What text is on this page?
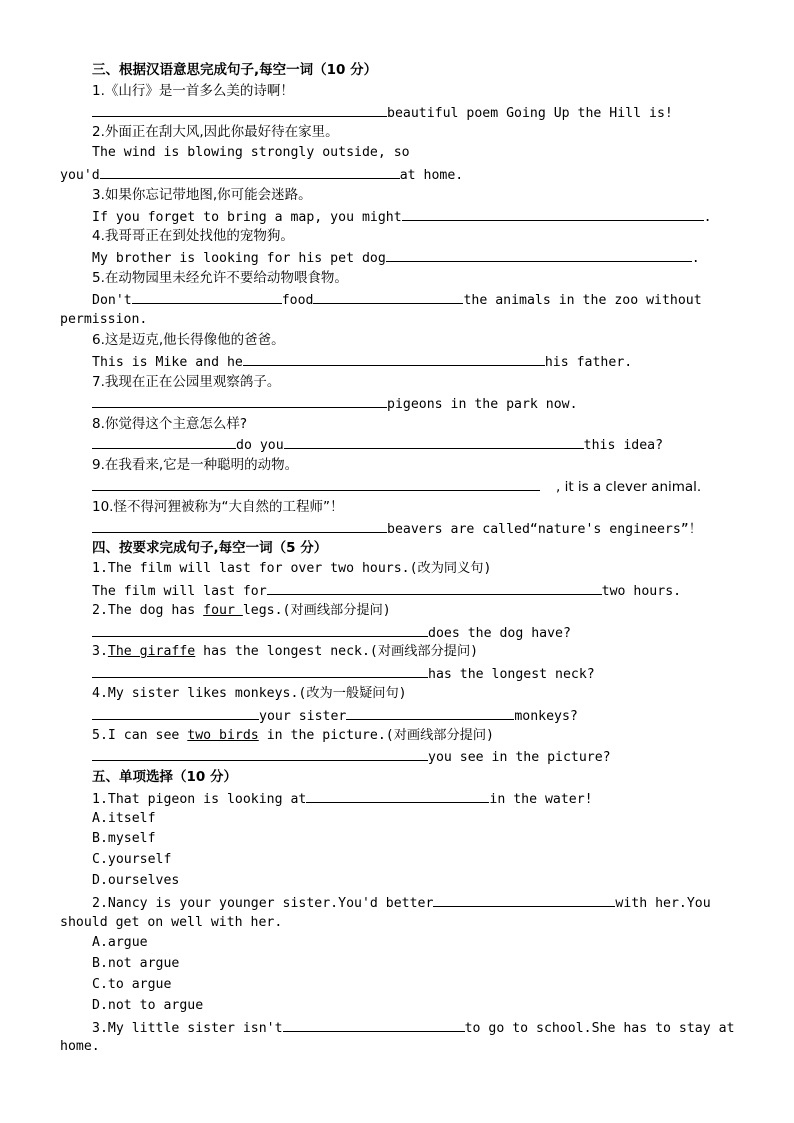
三、根据汉语意思完成句子,每空一词（10 分）
1.《山行》是一首多么美的诗啊！
beautiful poem Going Up the Hill is!
2.外面正在刮大风,因此你最好待在家里。
The wind is blowing strongly outside, so
you'd	at home.
3.如果你忘记带地图,你可能会迷路。
If you forget to bring a map, you might	.
4.我哥哥正在到处找他的宠物狗。
My brother is looking for his pet dog	.
5.在动物园里未经允许不要给动物喂食物。
Don't	food	the animals in the zoo without
permission.
6.这是迈克,他长得像他的爸爸。
This is Mike and he	his father.
7.我现在正在公园里观察鸽子。
pigeons in the park now.
8.你觉得这个主意怎么样?
do you	this idea?
9.在我看来,它是一种聪明的动物。
, it is a clever animal.
10.怪不得河狸被称为“大自然的工程师”！
beavers are called“nature's engineers”！
四、按要求完成句子,每空一词（5 分）
1.The film will last for over two hours.(改为同义句)
The film will last for	two hours.
2.The dog has four legs.(对画线部分提问)
does the dog have?
3.The giraffe has the longest neck.(对画线部分提问)
has the longest neck?
4.My sister likes monkeys.(改为一般疑问句)
your sister	monkeys?
5.I can see two birds in the picture.(对画线部分提问)
you see in the picture?
五、单项选择（10 分）
1.That pigeon is looking at	in the water!
A.itself
B.myself
C.yourself
D.ourselves
2.Nancy is your younger sister.You'd better	with her.You
should get on well with her.
A.argue
B.not argue
C.to argue
D.not to argue
3.My little sister isn't	to go to school.She has to stay at
home.
